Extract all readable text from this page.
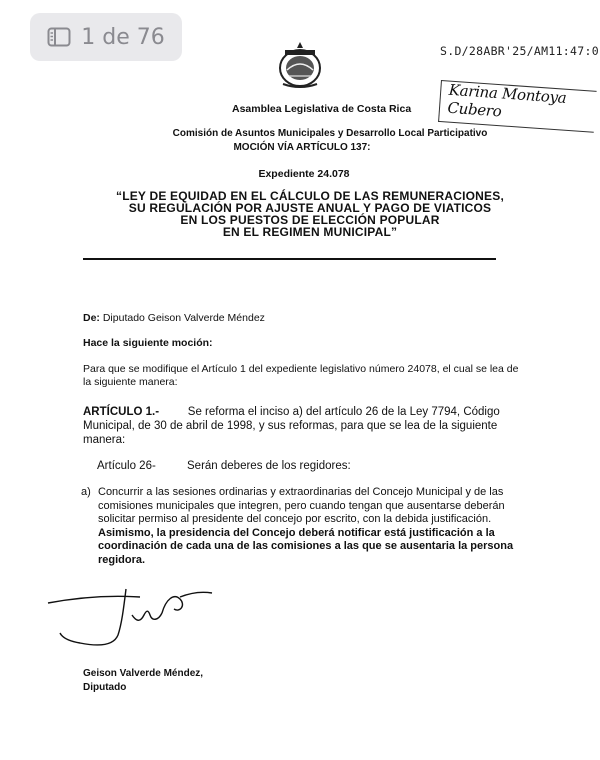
1 de 76
S.D/28ABR'25/AM11:47:0
Karina Montoya Cubero
Asamblea Legislativa de Costa Rica
Comisión de Asuntos Municipales y Desarrollo Local Participativo
MOCIÓN VÍA ARTÍCULO 137:
Expediente 24.078
“LEY DE EQUIDAD EN EL CÁLCULO DE LAS REMUNERACIONES,
SU REGULACIÓN POR AJUSTE ANUAL Y PAGO DE VIATICOS
EN LOS PUESTOS DE ELECCIÓN POPULAR
EN EL REGIMEN MUNICIPAL”
De: Diputado Geison Valverde Méndez
Hace la siguiente moción:
Para que se modifique el Artículo 1 del expediente legislativo número 24078, el cual se lea de la siguiente manera:
ARTÍCULO 1.-	Se reforma el inciso a) del artículo 26 de la Ley 7794, Código Municipal, de 30 de abril de 1998, y sus reformas, para que se lea de la siguiente manera:
Artículo 26-	Serán deberes de los regidores:
a) Concurrir a las sesiones ordinarias y extraordinarias del Concejo Municipal y de las comisiones municipales que integren, pero cuando tengan que ausentarse deberán solicitar permiso al presidente del concejo por escrito, con la debida justificación. Asimismo, la presidencia del Concejo deberá notificar está justificación a la coordinación de cada una de las comisiones a las que se ausentaria la persona regidora.
Geison Valverde Méndez,
Diputado
